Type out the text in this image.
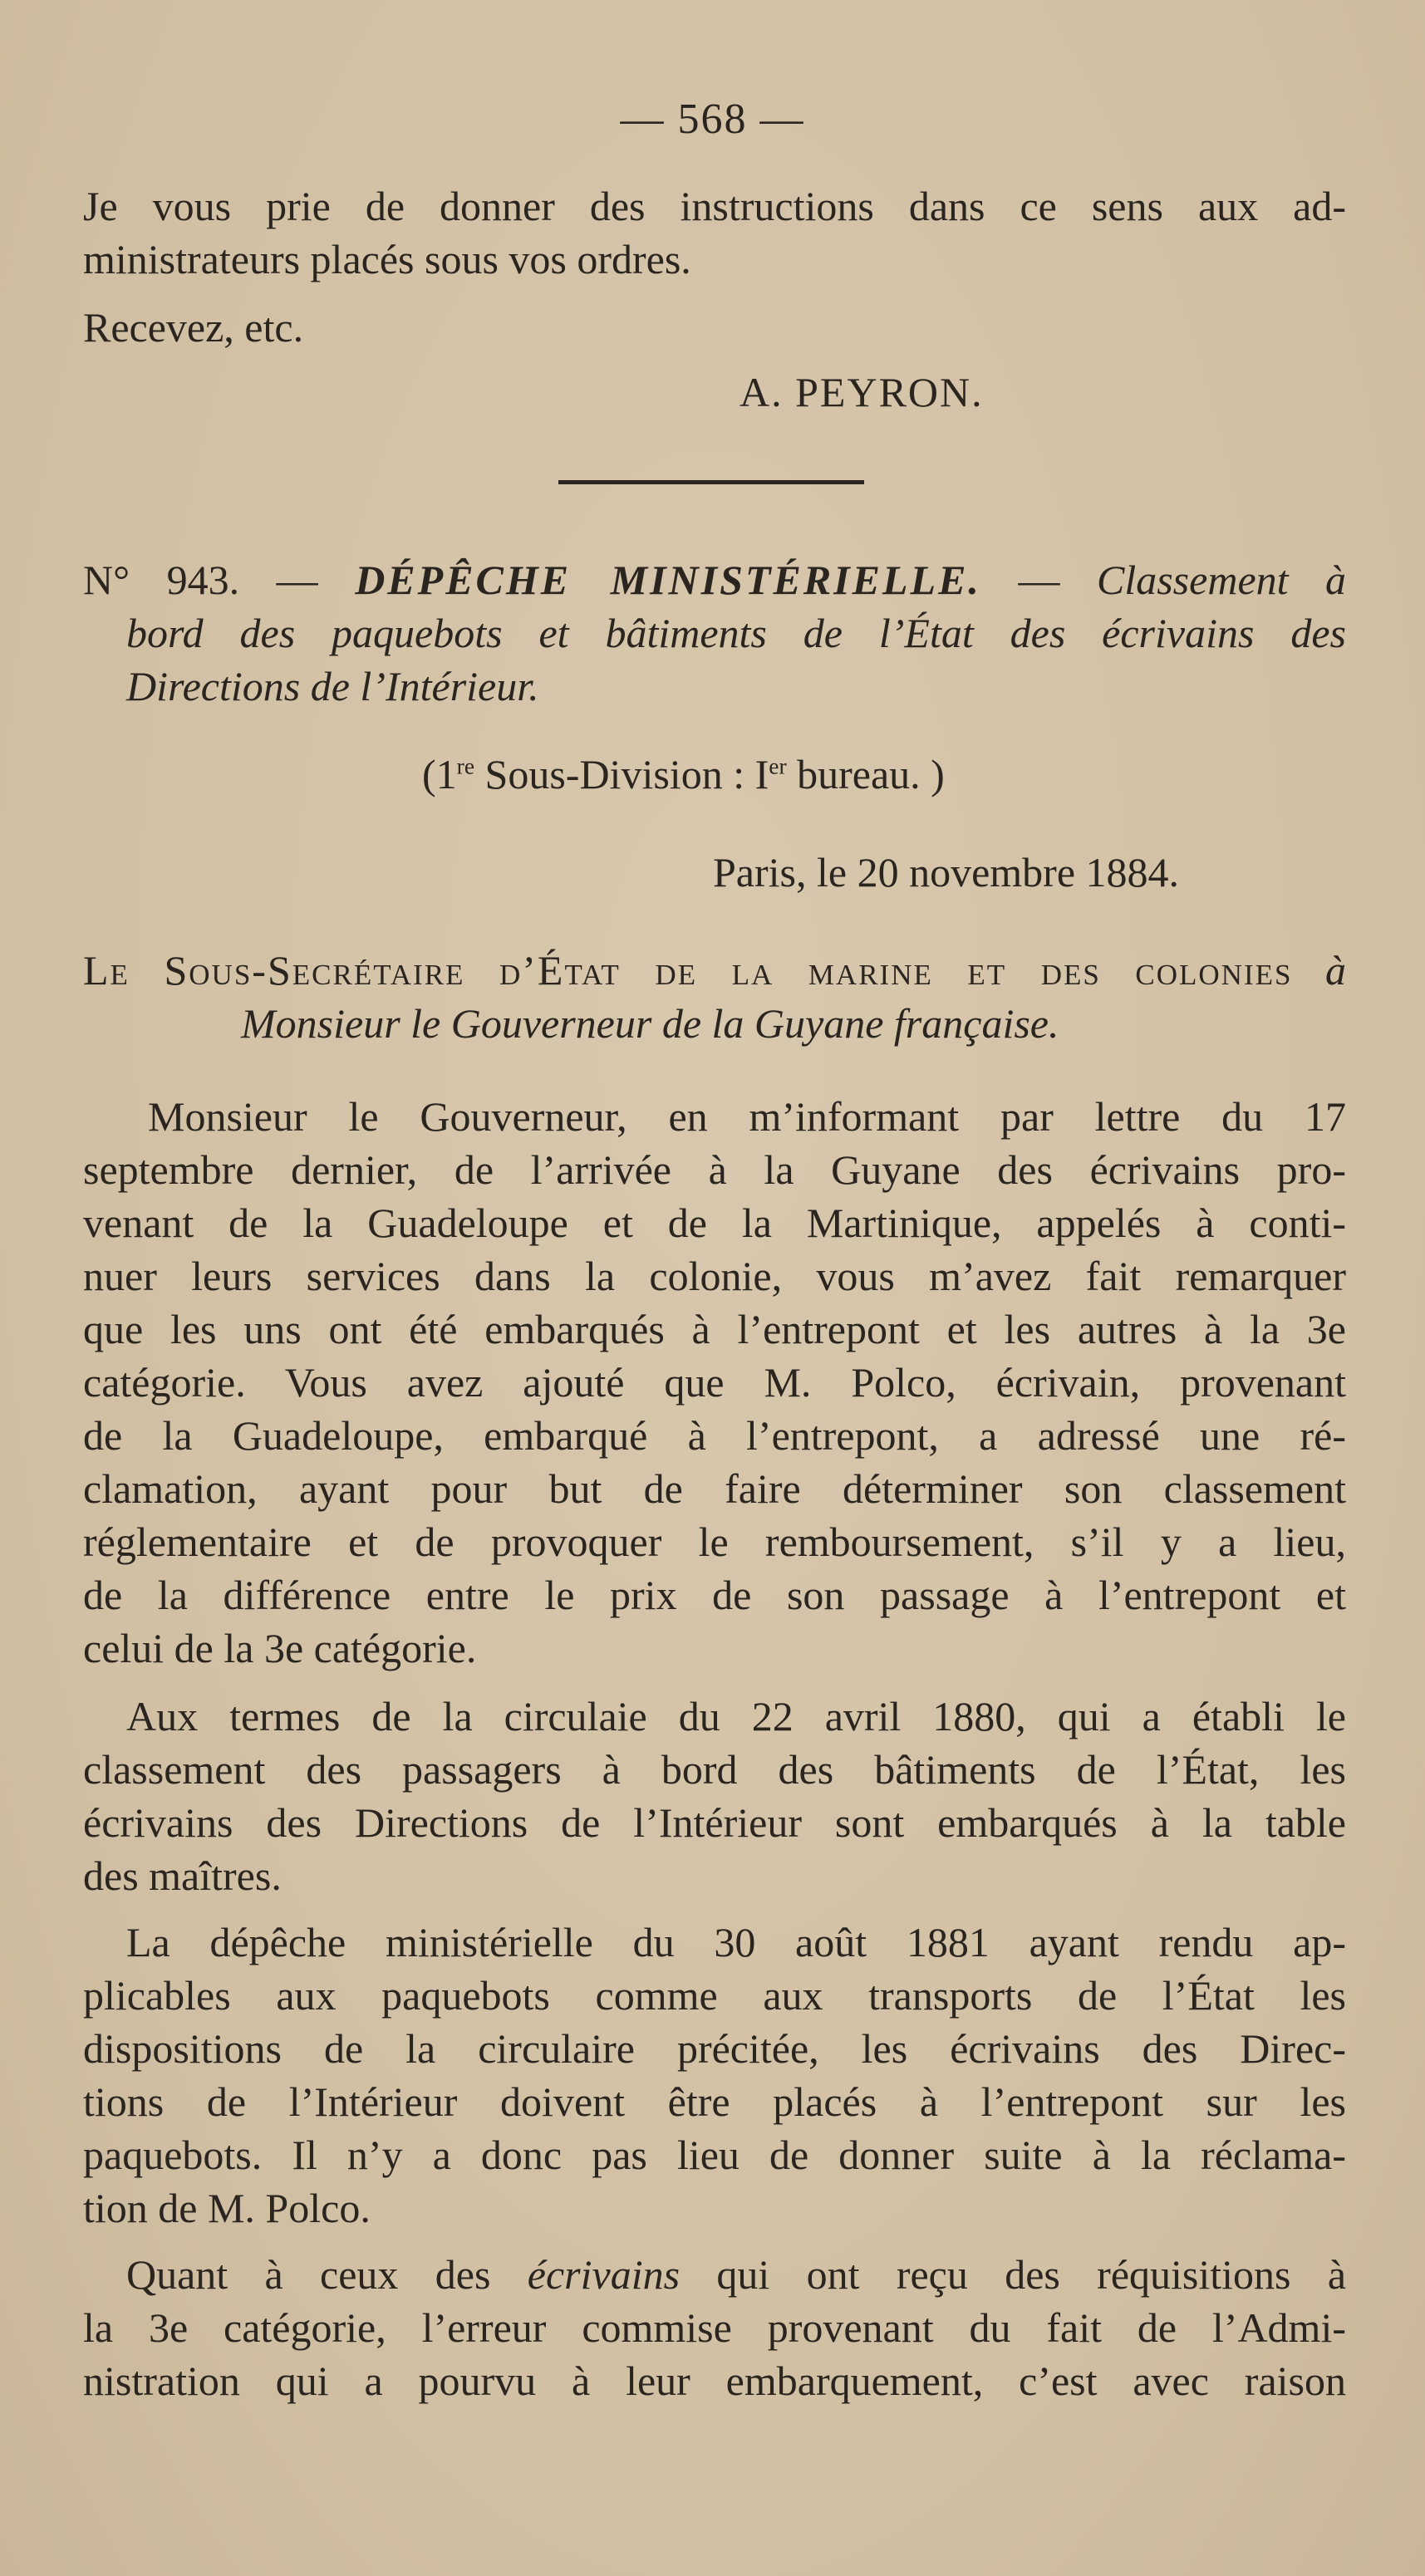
— 568 —
Je vous prie de donner des instructions dans ce sens aux ad-
ministrateurs placés sous vos ordres.
Recevez, etc.
A. PEYRON.
N° 943. — DÉPÊCHE MINISTÉRIELLE. — Classement à
bord des paquebots et bâtiments de l’État des écrivains des
Directions de l’Intérieur.
(1re Sous-Division : Ier bureau. )
Paris, le 20 novembre 1884.
Le Sous-Secrétaire d’État de la marine et des colonies à
Monsieur le Gouverneur de la Guyane française.
Monsieur le Gouverneur, en m’informant par lettre du 17
septembre dernier, de l’arrivée à la Guyane des écrivains pro-
venant de la Guadeloupe et de la Martinique, appelés à conti-
nuer leurs services dans la colonie, vous m’avez fait remarquer
que les uns ont été embarqués à l’entrepont et les autres à la 3e
catégorie. Vous avez ajouté que M. Polco, écrivain, provenant
de la Guadeloupe, embarqué à l’entrepont, a adressé une ré-
clamation, ayant pour but de faire déterminer son classement
réglementaire et de provoquer le remboursement, s’il y a lieu,
de la différence entre le prix de son passage à l’entrepont et
celui de la 3e catégorie.
Aux termes de la circulaie du 22 avril 1880, qui a établi le
classement des passagers à bord des bâtiments de l’État, les
écrivains des Directions de l’Intérieur sont embarqués à la table
des maîtres.
La dépêche ministérielle du 30 août 1881 ayant rendu ap-
plicables aux paquebots comme aux transports de l’État les
dispositions de la circulaire précitée, les écrivains des Direc-
tions de l’Intérieur doivent être placés à l’entrepont sur les
paquebots. Il n’y a donc pas lieu de donner suite à la réclama-
tion de M. Polco.
Quant à ceux des écrivains qui ont reçu des réquisitions à
la 3e catégorie, l’erreur commise provenant du fait de l’Admi-
nistration qui a pourvu à leur embarquement, c’est avec raison
